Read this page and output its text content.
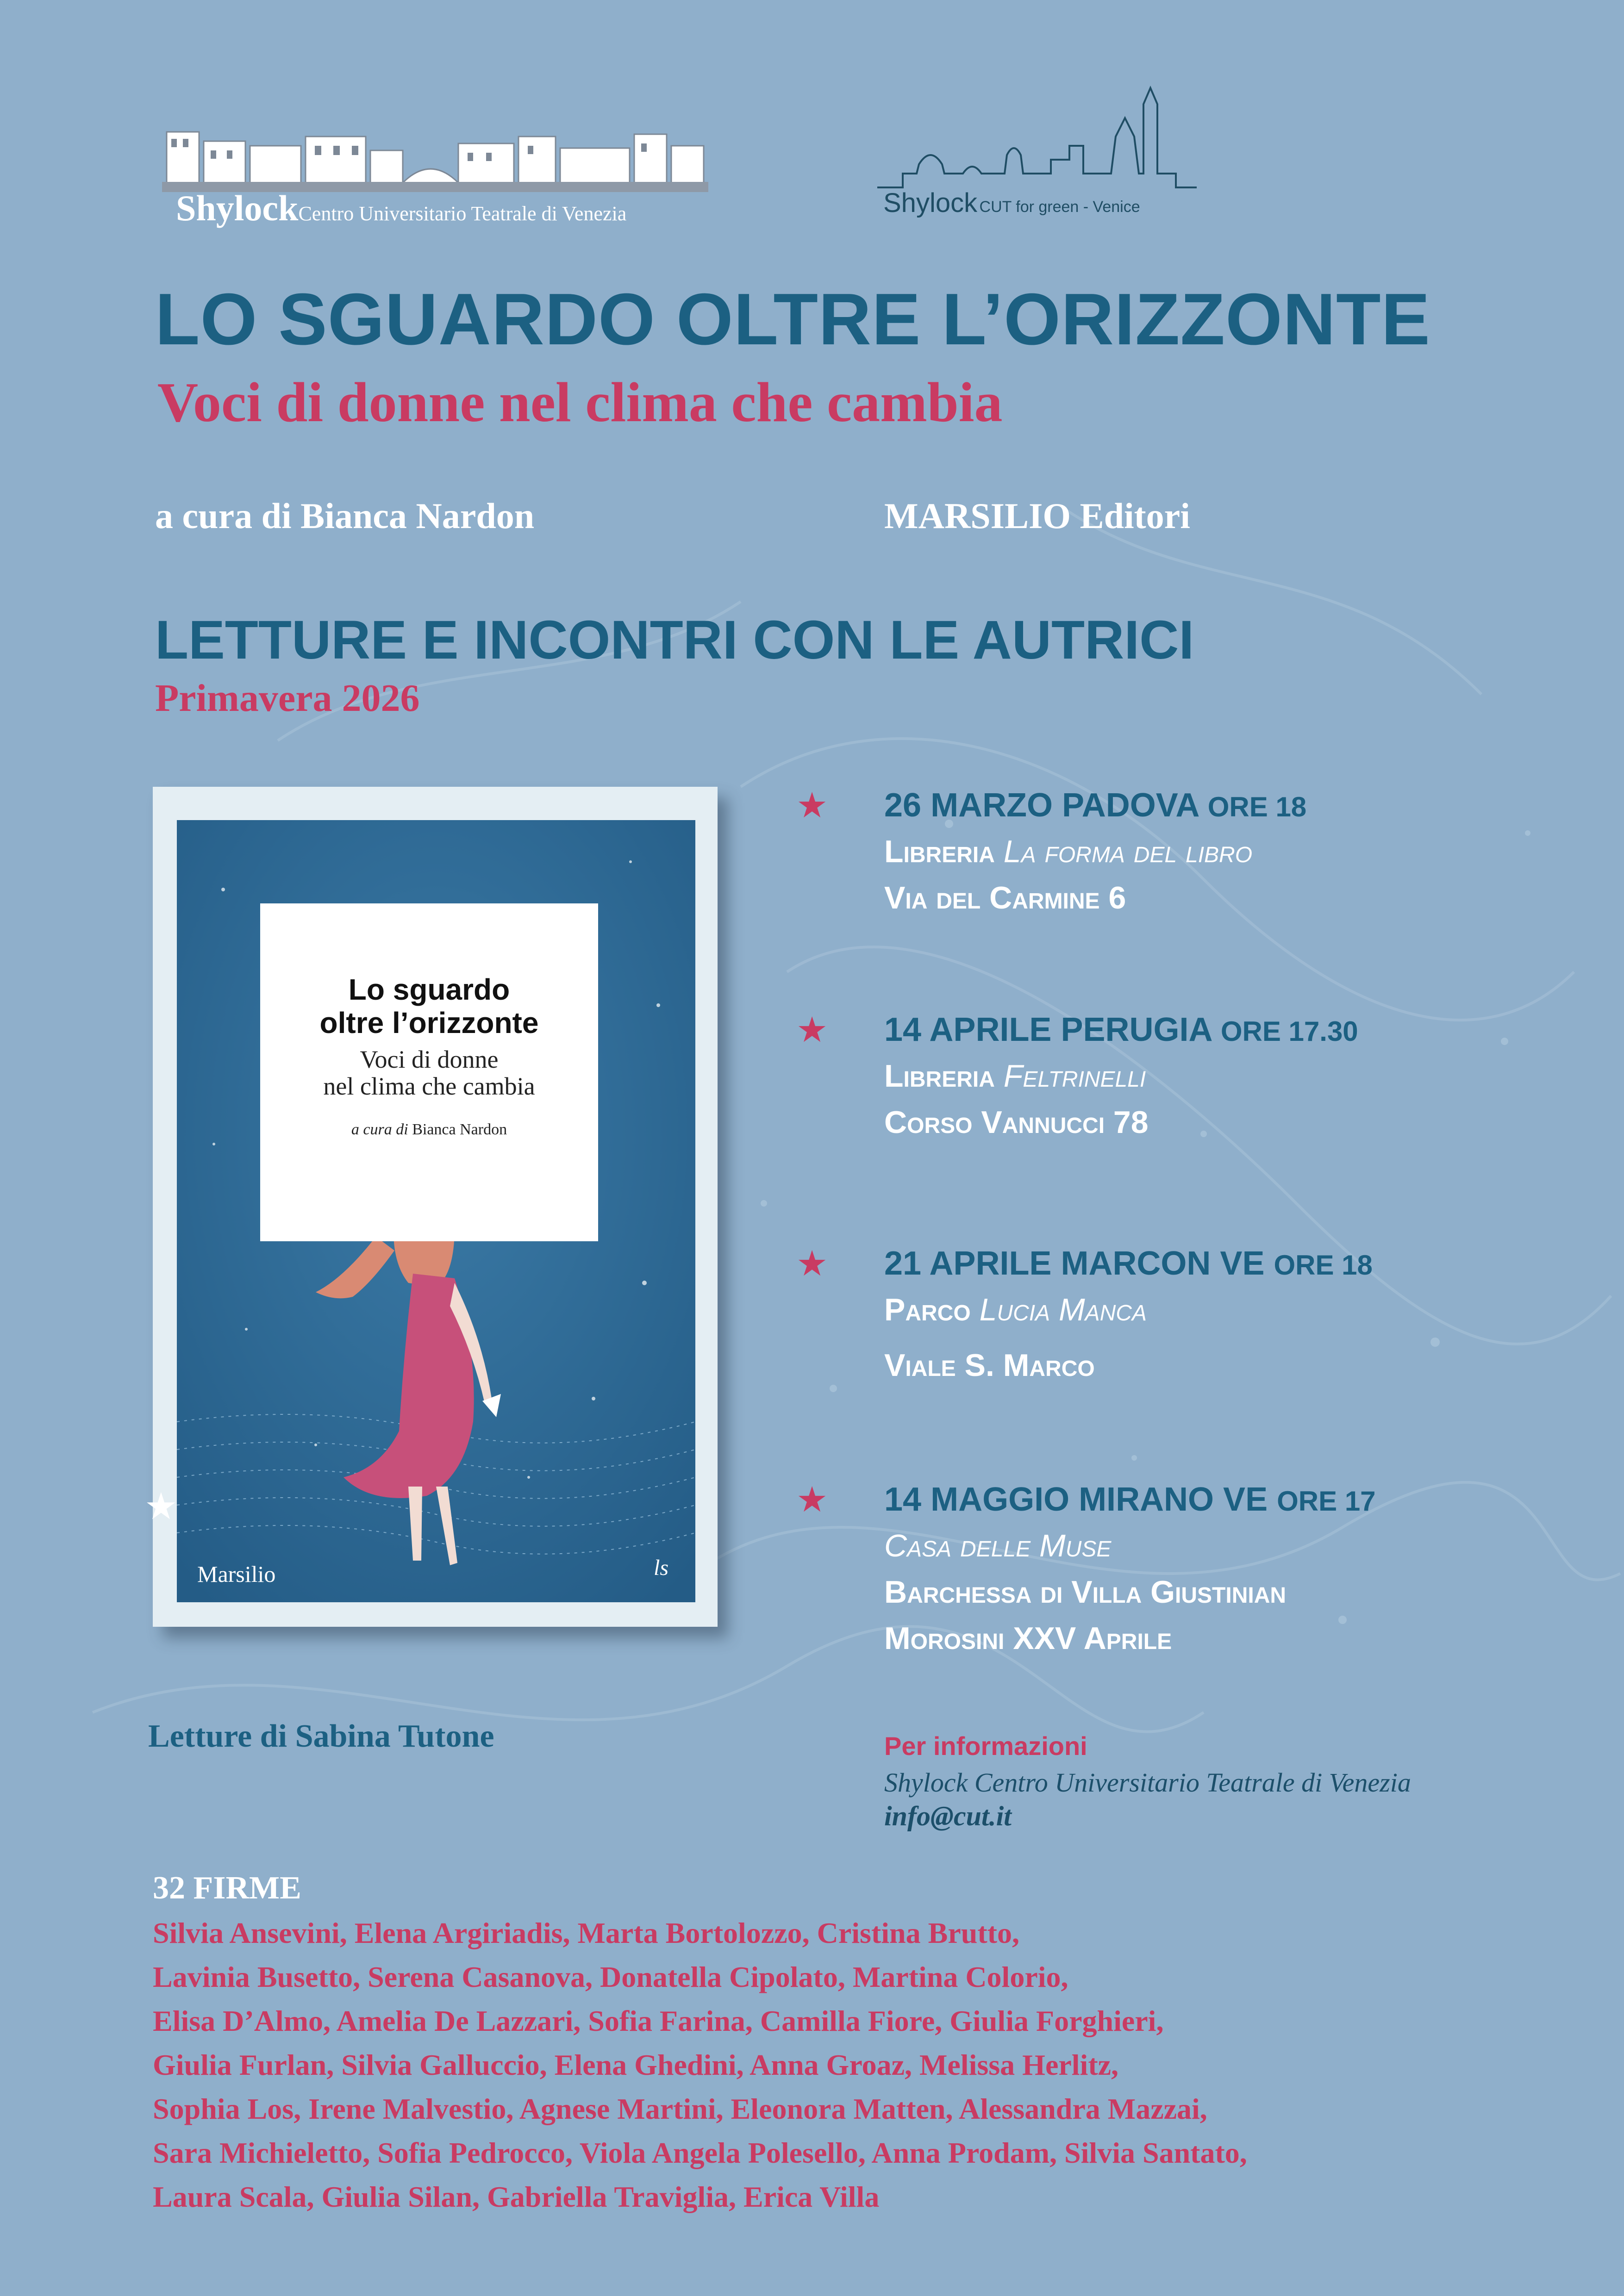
ShylockCentro Universitario Teatrale di Venezia	Shylock CUT for green - Venice
LO SGUARDO OLTRE L’ORIZZONTE
Voci di donne nel clima che cambia
a cura di Bianca Nardon	MARSILIO Editori
LETTURE E INCONTRI CON LE AUTRICI
Primavera 2026
Lo sguardo
oltre l’orizzonte
Voci di donne
nel clima che cambia
a cura di Bianca Nardon
Marsilio	ls
★
★ 26 MARZO PADOVA ORE 18
Libreria La forma del libro
Via del Carmine 6
★ 14 APRILE PERUGIA ORE 17.30
Libreria Feltrinelli
Corso Vannucci 78
★ 21 APRILE MARCON VE ORE 18
Parco Lucia Manca
Viale S. Marco
★ 14 MAGGIO MIRANO VE ORE 17
Casa delle Muse
Barchessa di Villa Giustinian
Morosini XXV Aprile
Letture di Sabina Tutone	Per informazioni
Shylock Centro Universitario Teatrale di Venezia
info@cut.it
32 FIRME
Silvia Ansevini, Elena Argiriadis, Marta Bortolozzo, Cristina Brutto,
Lavinia Busetto, Serena Casanova, Donatella Cipolato, Martina Colorio,
Elisa D’Almo, Amelia De Lazzari, Sofia Farina, Camilla Fiore, Giulia Forghieri,
Giulia Furlan, Silvia Galluccio, Elena Ghedini, Anna Groaz, Melissa Herlitz,
Sophia Los, Irene Malvestio, Agnese Martini, Eleonora Matten, Alessandra Mazzai,
Sara Michieletto, Sofia Pedrocco, Viola Angela Polesello, Anna Prodam, Silvia Santato,
Laura Scala, Giulia Silan, Gabriella Traviglia, Erica Villa
